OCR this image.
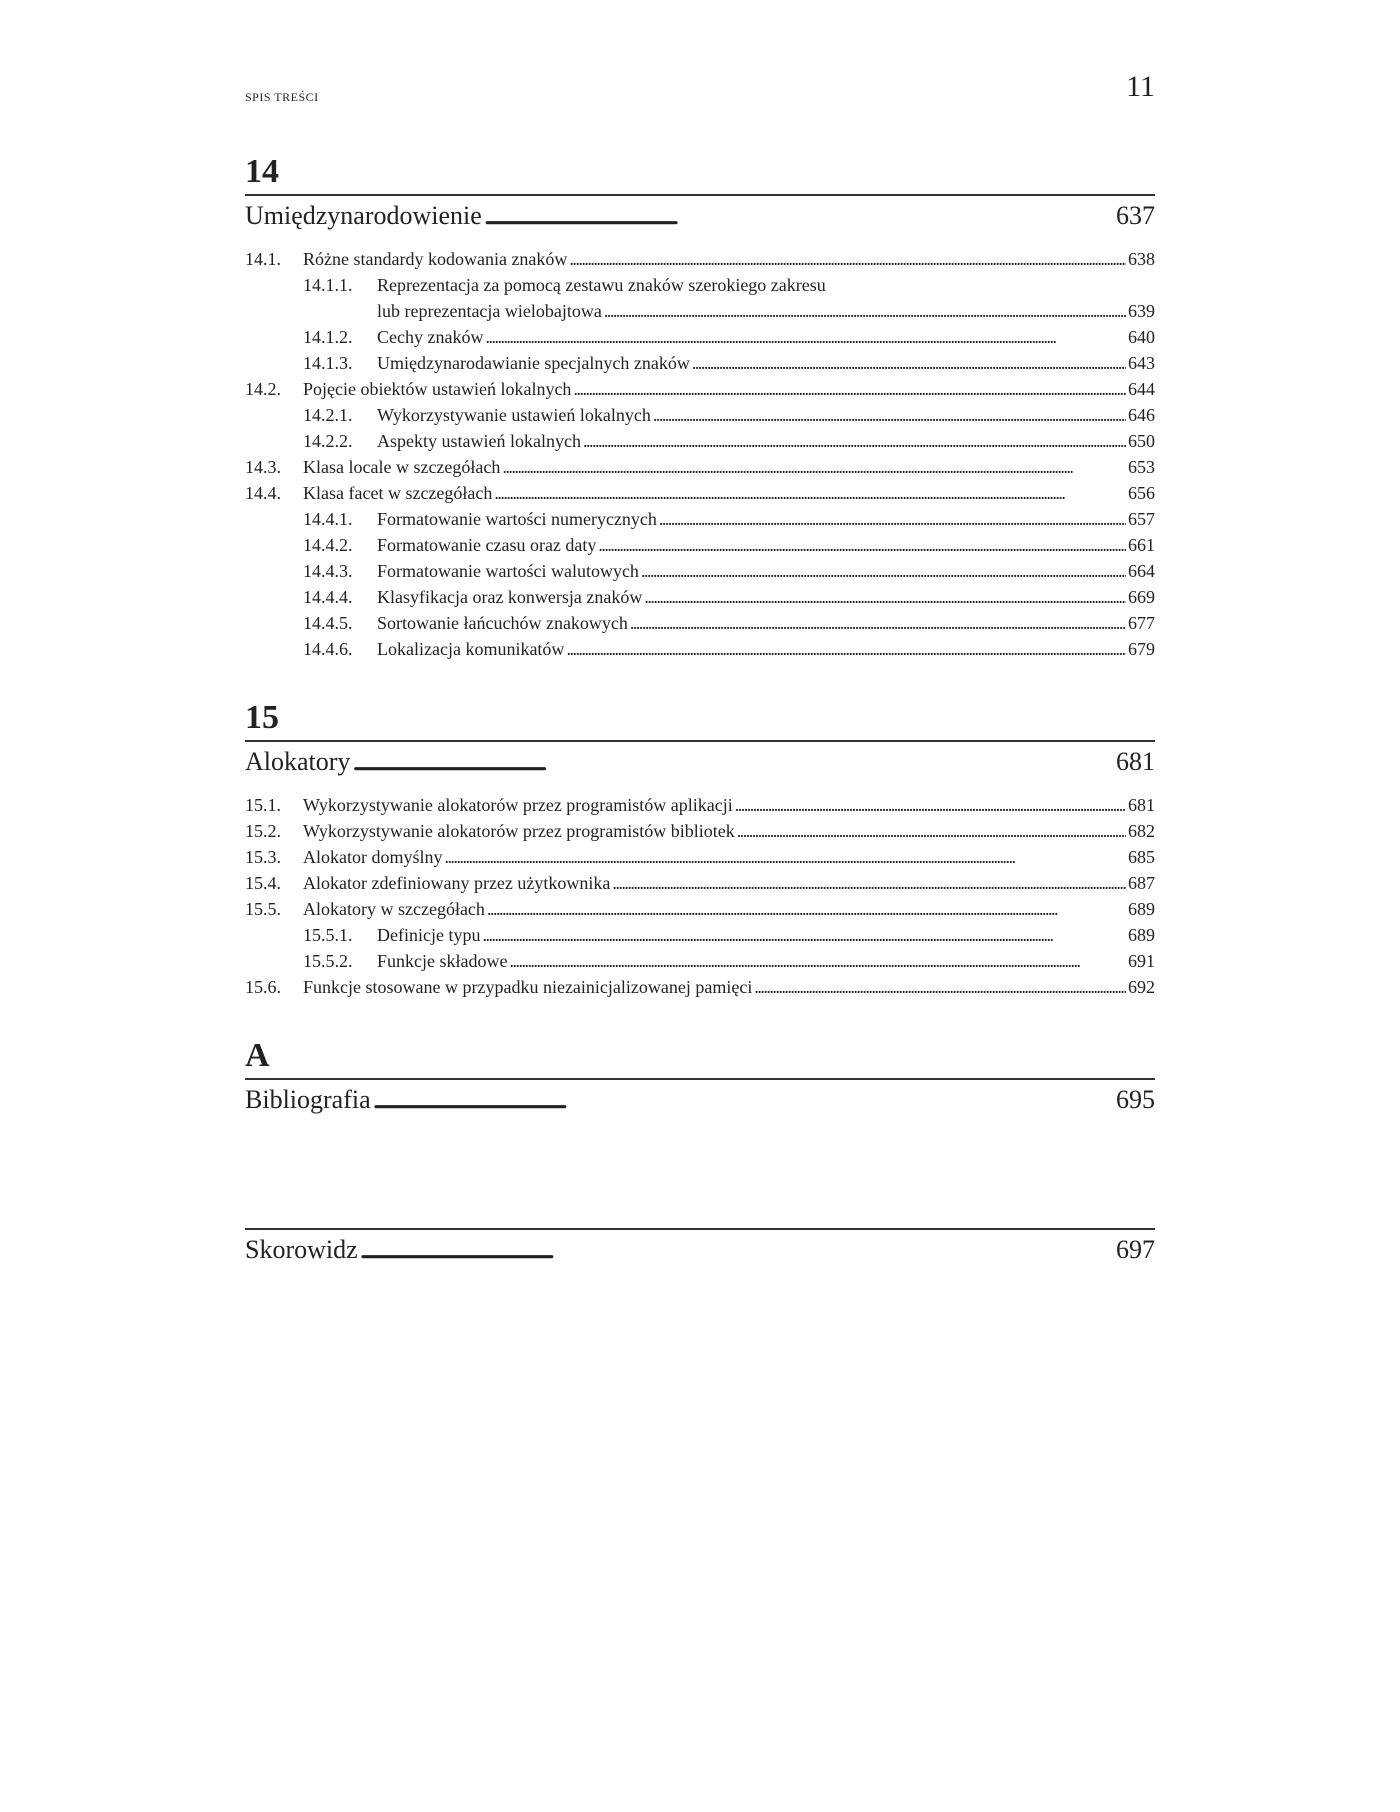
SPIS TREŚCI	11
14
Umiędzynarodowienie . . .	637
14.1.	Różne standardy kodowania znaków . . .	638
14.1.1.	Reprezentacja za pomocą zestawu znaków szerokiego zakresu
lub reprezentacja wielobajtowa . . .	639
14.1.2.	Cechy znaków . . .	640
14.1.3.	Umiędzynarodawianie specjalnych znaków . . .	643
14.2.	Pojęcie obiektów ustawień lokalnych . . .	644
14.2.1.	Wykorzystywanie ustawień lokalnych . . .	646
14.2.2.	Aspekty ustawień lokalnych . . .	650
14.3.	Klasa locale w szczegółach . . .	653
14.4.	Klasa facet w szczegółach . . .	656
14.4.1.	Formatowanie wartości numerycznych . . .	657
14.4.2.	Formatowanie czasu oraz daty . . .	661
14.4.3.	Formatowanie wartości walutowych . . .	664
14.4.4.	Klasyfikacja oraz konwersja znaków . . .	669
14.4.5.	Sortowanie łańcuchów znakowych . . .	677
14.4.6.	Lokalizacja komunikatów . . .	679
15
Alokatory . . .	681
15.1.	Wykorzystywanie alokatorów przez programistów aplikacji . . .	681
15.2.	Wykorzystywanie alokatorów przez programistów bibliotek . . .	682
15.3.	Alokator domyślny . . .	685
15.4.	Alokator zdefiniowany przez użytkownika . . .	687
15.5.	Alokatory w szczegółach . . .	689
15.5.1.	Definicje typu . . .	689
15.5.2.	Funkcje składowe . . .	691
15.6.	Funkcje stosowane w przypadku niezainicjalizowanej pamięci . . .	692
A
Bibliografia . . .	695
Skorowidz . . .	697
